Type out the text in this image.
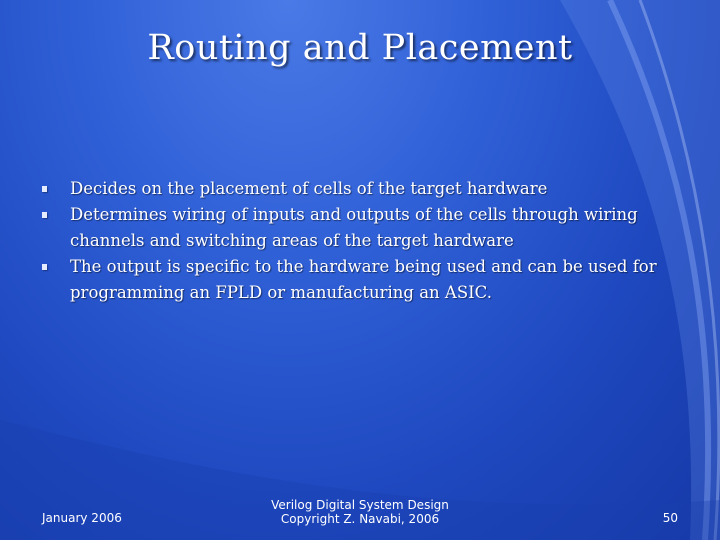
Routing and Placement
Decides on the placement of cells of the target hardware
Determines wiring of inputs and outputs of the cells through wiring channels and switching areas of the target hardware
The output is specific to the hardware being used and can be used for programming an FPLD or manufacturing an ASIC.
January 2006
Verilog Digital System Design
Copyright Z. Navabi, 2006	50
